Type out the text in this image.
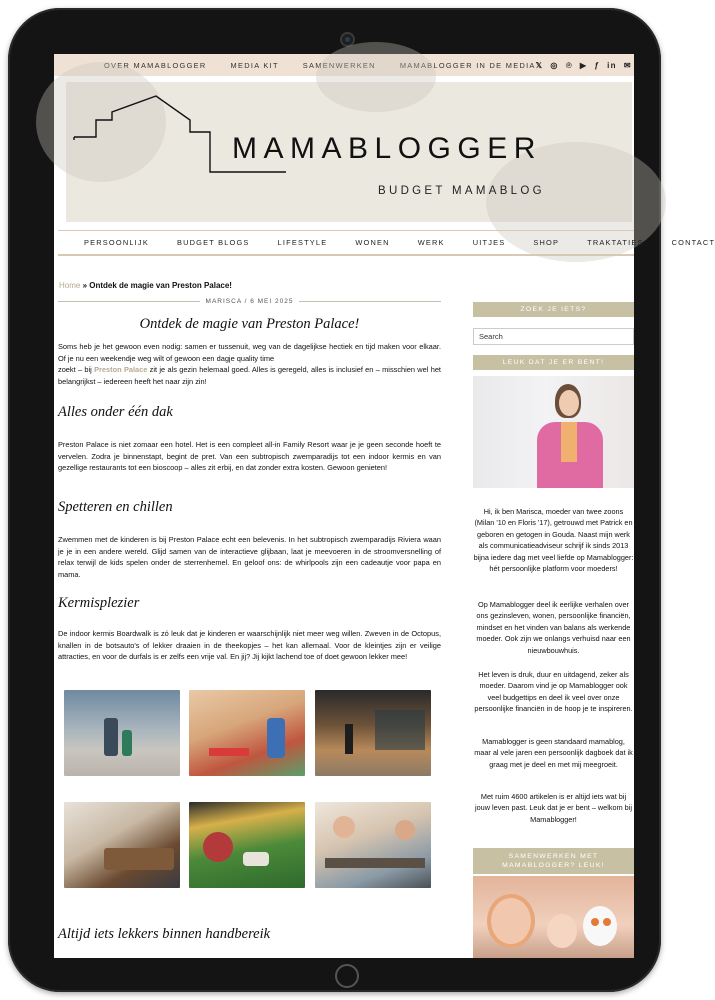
OVER MAMABLOGGER	MEDIA KIT	SAMENWERKEN	MAMABLOGGER IN DE MEDIA 𝕏 ◎ ℗ ▶ ƒ in ✉
MAMABLOGGER
BUDGET MAMABLOG
PERSOONLIJK	BUDGET BLOGS	LIFESTYLE	WONEN	WERK	UITJES	SHOP	TRAKTATIES	CONTACT
Home » Ontdek de magie van Preston Palace!
MARISCA / 6 MEI 2025
Ontdek de magie van Preston Palace!
Soms heb je het gewoon even nodig: samen er tussenuit, weg van de dagelijkse hectiek en tijd maken voor elkaar. Of je nu een weekendje weg wilt of gewoon een dagje quality time
zoekt – bij Preston Palace zit je als gezin helemaal goed. Alles is geregeld, alles is inclusief en – misschien wel het belangrijkst – iedereen heeft het naar zijn zin!
Alles onder één dak
Preston Palace is niet zomaar een hotel. Het is een compleet all-in Family Resort waar je je geen seconde hoeft te vervelen. Zodra je binnenstapt, begint de pret. Van een subtropisch zwemparadijs tot een indoor kermis en van gezellige restaurants tot een bioscoop – alles zit erbij, en dat zonder extra kosten. Gewoon genieten!
Spetteren en chillen
Zwemmen met de kinderen is bij Preston Palace echt een belevenis. In het subtropisch zwemparadijs Riviera waan je je in een andere wereld. Glijd samen van de interactieve glijbaan, laat je meevoeren in de stroomversnelling of relax terwijl de kids spelen onder de sterrenhemel. En geloof ons: de whirlpools zijn een cadeautje voor papa en mama.
Kermisplezier
De indoor kermis Boardwalk is zó leuk dat je kinderen er waarschijnlijk niet meer weg willen. Zweven in de Octopus, knallen in de botsauto's of lekker draaien in de theekopjes – het kan allemaal. Voor de kleintjes zijn er veilige attracties, en voor de durfals is er zelfs een vrije val. En jij? Jij kijkt lachend toe of doet gewoon lekker mee!
Altijd iets lekkers binnen handbereik
ZOEK JE IETS?
Search
LEUK DAT JE ER BENT!
Hi, ik ben Marisca, moeder van twee zoons (Milan '10 en Floris '17), getrouwd met Patrick en geboren en getogen in Gouda. Naast mijn werk als communicatieadviseur schrijf ik sinds 2013 bijna iedere dag met veel liefde op Mamablogger: hét persoonlijke platform voor moeders!
Op Mamablogger deel ik eerlijke verhalen over ons gezinsleven, wonen, persoonlijke financiën, mindset en het vinden van balans als werkende moeder. Ook zijn we onlangs verhuisd naar een nieuwbouwhuis.
Het leven is druk, duur en uitdagend, zeker als moeder. Daarom vind je op Mamablogger ook veel budgettips en deel ik veel over onze persoonlijke financiën in de hoop je te inspireren.
Mamablogger is geen standaard mamablog, maar al vele jaren een persoonlijk dagboek dat ik graag met je deel en met mij meegroeit.
Met ruim 4600 artikelen is er altijd iets wat bij jouw leven past. Leuk dat je er bent – welkom bij Mamablogger!
SAMENWERKEN MET MAMABLOGGER? LEUK!
